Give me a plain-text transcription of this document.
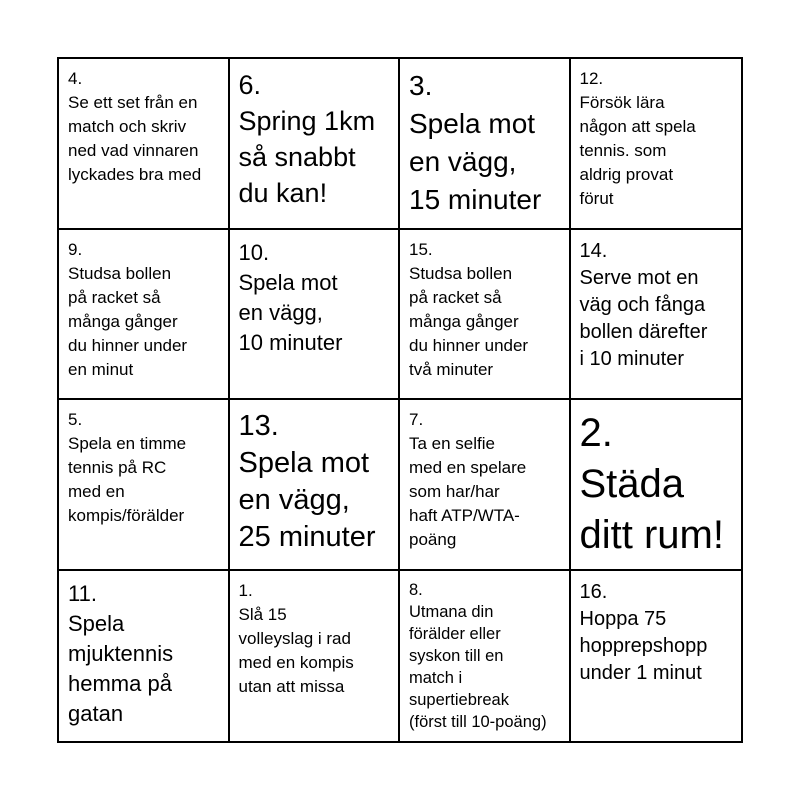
4.
Se ett set från en
match och skriv
ned vad vinnaren
lyckades bra med
6.
Spring 1km
så snabbt
du kan!
3.
Spela mot
en vägg,
15 minuter
12.
Försök lära
någon att spela
tennis. som
aldrig provat
förut
9.
Studsa bollen
på racket så
många gånger
du hinner under
en minut
10.
Spela mot
en vägg,
10 minuter
15.
Studsa bollen
på racket så
många gånger
du hinner under
två minuter
14.
Serve mot en
väg och fånga
bollen därefter
i 10 minuter
5.
Spela en timme
tennis på RC
med en
kompis/förälder
13.
Spela mot
en vägg,
25 minuter
7.
Ta en selfie
med en spelare
som har/har
haft ATP/WTA-
poäng
2.
Städa
ditt rum!
11.
Spela
mjuktennis
hemma på
gatan
1.
Slå 15
volleyslag i rad
med en kompis
utan att missa
8.
Utmana din
förälder eller
syskon till en
match i
supertiebreak
(först till 10-poäng)
16.
Hoppa 75
hopprepshopp
under 1 minut
